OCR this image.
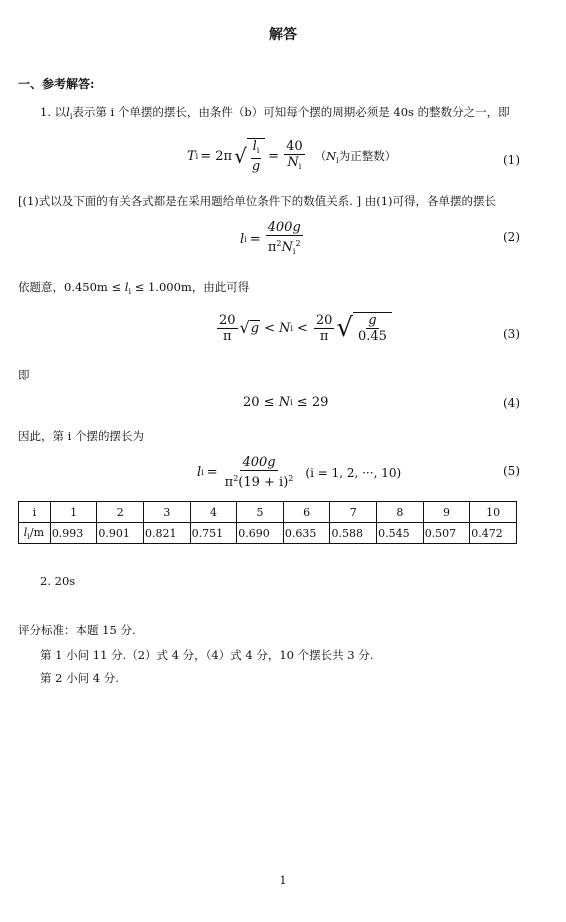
解答
一、参考解答:
1. 以$l_i$表示第 i 个单摆的摆长，由条件（b）可知每个摆的周期必须是 40s 的整数分之一，即
T i = 2π √ $\frac{l_i}{g} = \frac{40}{N_i} (N_i$为正整数）	(1)
[(1)式以及下面的有关各式都是在采用题给单位条件下的数值关系. ] 由(1)可得，各单摆的摆长
l $i = \frac{400g}{\pi^2N_i^2}$	(2)
依题意，$0.450m \le l_i \le 1.000m$，由此可得
$\frac{20}{\pi}$ √ g < N $i < \frac{20}{\pi}$ √ $\frac{g}{0.45}$	(3)
即
20 ≤
N i
≤ 29	(4)
因此，第 i 个摆的摆长为
l $i = \frac{400g}{\pi^2(19 + i)^2} (i = 1$, 2, ···, 10)	(5)
i	1	2	3	4	5	6	7	8	9	10
$l_i/m$	0.993	0.901	0.821	0.751	0.690	0.635	0.588	0.545	0.507	0.472
2. 20s
评分标准：本题 15 分.
第 1 小问 11 分.（2）式 4 分，（4）式 4 分，10 个摆长共 3 分.
第 2 小问 4 分.
1
